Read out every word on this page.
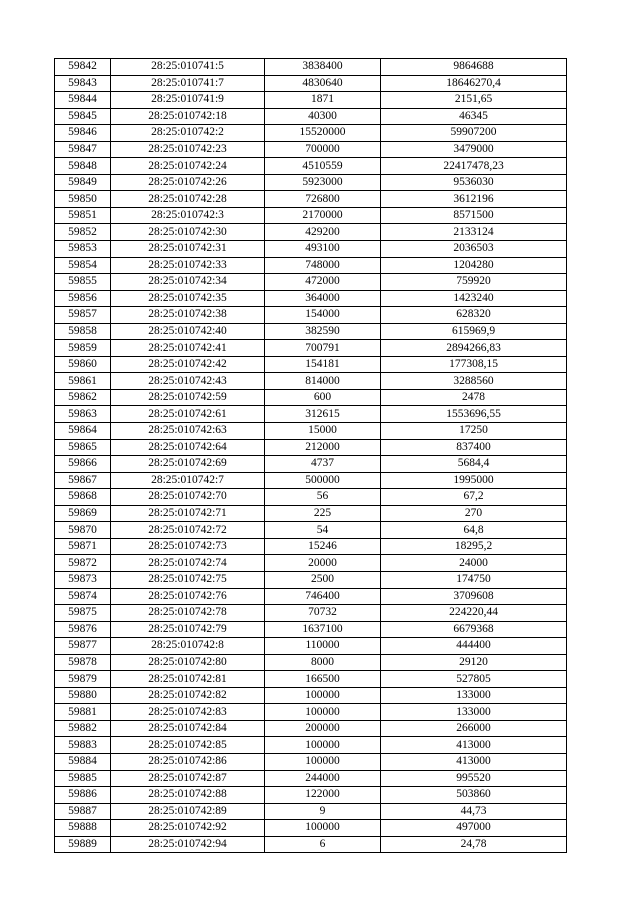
59842	28:25:010741:5	3838400	9864688
59843	28:25:010741:7	4830640	18646270,4
59844	28:25:010741:9	1871	2151,65
59845	28:25:010742:18	40300	46345
59846	28:25:010742:2	15520000	59907200
59847	28:25:010742:23	700000	3479000
59848	28:25:010742:24	4510559	22417478,23
59849	28:25:010742:26	5923000	9536030
59850	28:25:010742:28	726800	3612196
59851	28:25:010742:3	2170000	8571500
59852	28:25:010742:30	429200	2133124
59853	28:25:010742:31	493100	2036503
59854	28:25:010742:33	748000	1204280
59855	28:25:010742:34	472000	759920
59856	28:25:010742:35	364000	1423240
59857	28:25:010742:38	154000	628320
59858	28:25:010742:40	382590	615969,9
59859	28:25:010742:41	700791	2894266,83
59860	28:25:010742:42	154181	177308,15
59861	28:25:010742:43	814000	3288560
59862	28:25:010742:59	600	2478
59863	28:25:010742:61	312615	1553696,55
59864	28:25:010742:63	15000	17250
59865	28:25:010742:64	212000	837400
59866	28:25:010742:69	4737	5684,4
59867	28:25:010742:7	500000	1995000
59868	28:25:010742:70	56	67,2
59869	28:25:010742:71	225	270
59870	28:25:010742:72	54	64,8
59871	28:25:010742:73	15246	18295,2
59872	28:25:010742:74	20000	24000
59873	28:25:010742:75	2500	174750
59874	28:25:010742:76	746400	3709608
59875	28:25:010742:78	70732	224220,44
59876	28:25:010742:79	1637100	6679368
59877	28:25:010742:8	110000	444400
59878	28:25:010742:80	8000	29120
59879	28:25:010742:81	166500	527805
59880	28:25:010742:82	100000	133000
59881	28:25:010742:83	100000	133000
59882	28:25:010742:84	200000	266000
59883	28:25:010742:85	100000	413000
59884	28:25:010742:86	100000	413000
59885	28:25:010742:87	244000	995520
59886	28:25:010742:88	122000	503860
59887	28:25:010742:89	9	44,73
59888	28:25:010742:92	100000	497000
59889	28:25:010742:94	6	24,78
